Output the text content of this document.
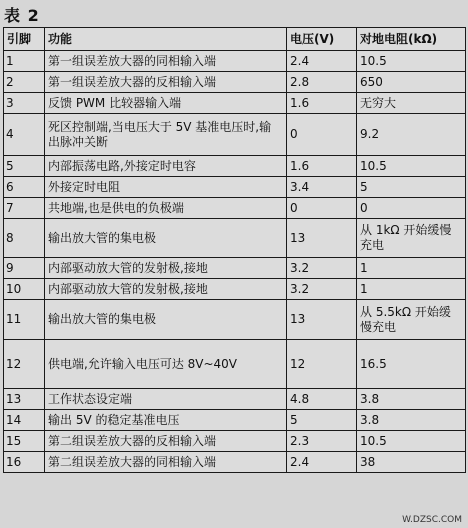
表 2
引脚	功能	电压(V)	对地电阻(kΩ)
1	第一组误差放大器的同相输入端	2.4	10.5
2	第一组误差放大器的反相输入端	2.8	650
3	反馈 PWM 比较器输入端	1.6	无穷大
4	死区控制端,当电压大于 5V 基准电压时,输出脉冲关断	0	9.2
5	内部振荡电路,外接定时电容	1.6	10.5
6	外接定时电阻	3.4	5
7	共地端,也是供电的负极端	0	0
8	输出放大管的集电极	13	从 1kΩ 开始缓慢充电
9	内部驱动放大管的发射极,接地	3.2	1
10	内部驱动放大管的发射极,接地	3.2	1
11	输出放大管的集电极	13	从 5.5kΩ 开始缓慢充电
12	供电端,允许输入电压可达 8V~40V	12	16.5
13	工作状态设定端	4.8	3.8
14	输出 5V 的稳定基准电压	5	3.8
15	第二组误差放大器的反相输入端	2.3	10.5
16	第二组误差放大器的同相输入端	2.4	38
W.DZSC.COM
